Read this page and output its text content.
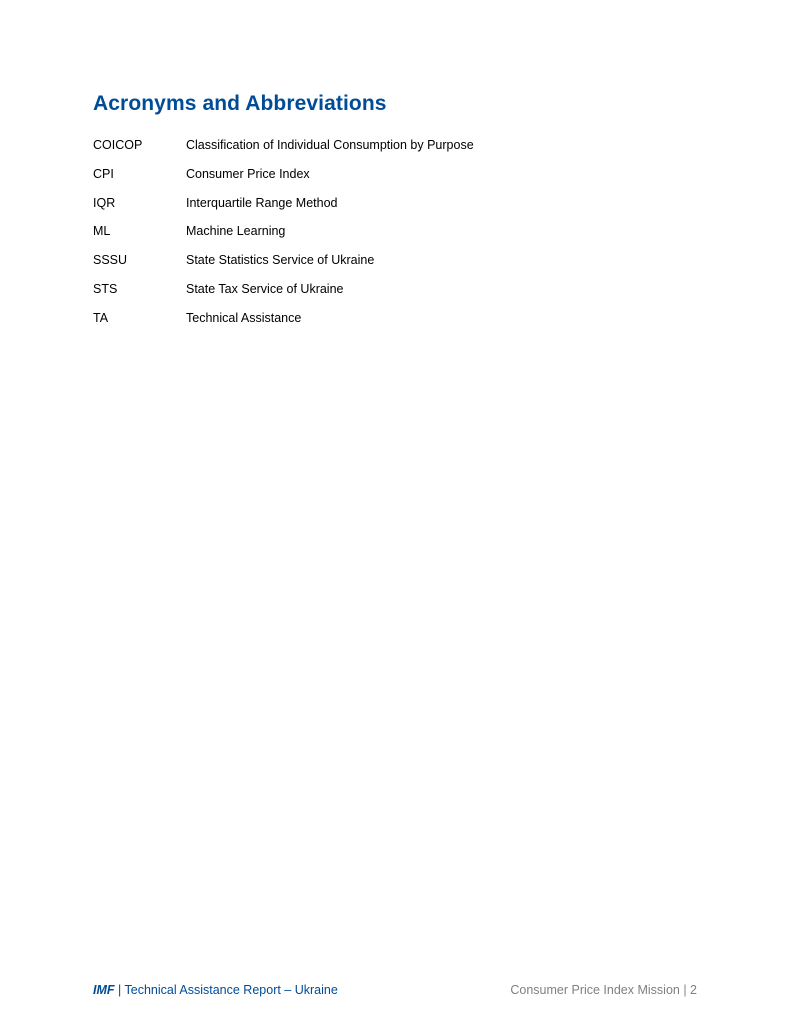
Acronyms and Abbreviations
COICOP	Classification of Individual Consumption by Purpose
CPI	Consumer Price Index
IQR	Interquartile Range Method
ML	Machine Learning
SSSU	State Statistics Service of Ukraine
STS	State Tax Service of Ukraine
TA	Technical Assistance
IMF | Technical Assistance Report – Ukraine	Consumer Price Index Mission | 2
